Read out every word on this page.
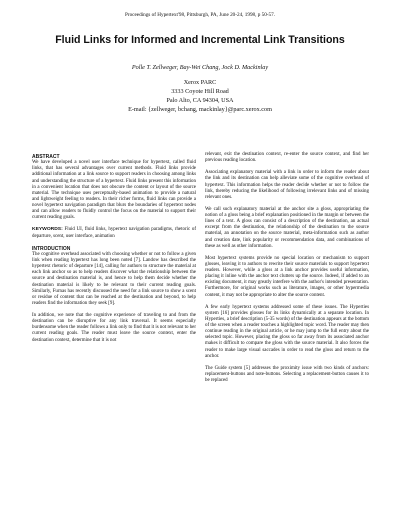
Proceedings of Hypertext'98, Pittsburgh, PA, June 20-24, 1998, p 50-57.
Fluid Links for Informed and Incremental Link Transitions
Polle T. Zellweger, Bay-Wei Chang, Jock D. Mackinlay
Xerox PARC
3333 Coyote Hill Road
Palo Alto, CA 94304, USA
E-mail: {zellweger, bchang, mackinlay}@parc.xerox.com
ABSTRACT

We have developed a novel user interface technique for hypertext, called fluid links, that has several advantages over current methods. Fluid links provide additional information at a link source to support readers in choosing among links and understanding the structure of a hypertext. Fluid links present this information in a convenient location that does not obscure the content or layout of the source material. The technique uses perceptually-based animation to provide a natural and lightweight feeling to readers. In their richer forms, fluid links can provide a novel hypertext navigation paradigm that blurs the boundaries of hypertext nodes and can allow readers to fluidly control the focus on the material to support their current reading goals.

KEYWORDS: Fluid UI, fluid links, hypertext navigation paradigms, rhetoric of departure, scent, user interface, animation

INTRODUCTION

The cognitive overhead associated with choosing whether or not to follow a given link when reading hypertext has long been noted [7]. Landow has described the hypertext rhetoric of departure [14], calling for authors to structure the material at each link anchor so as to help readers discover what the relationship between the source and destination material is, and hence to help them decide whether the destination material is likely to be relevant to their current reading goals. Similarly, Furnas has recently discussed the need for a link source to show a scent or residue of content that can be reached at the destination and beyond, to help readers find the information they seek [9].

In addition, we note that the cognitive experience of traveling to and from the destination can be disruptive for any link traversal. It seems especially burdensome when the reader follows a link only to find that it is not relevant to her current reading goals. The reader must leave the source context, enter the destination context, determine that it is not

relevant, exit the destination context, re-enter the source context, and find her previous reading location.

Associating explanatory material with a link in order to inform the reader about the link and its destination can help alleviate some of the cognitive overhead of hypertext. This information helps the reader decide whether or not to follow the link, thereby reducing the likelihood of following irrelevant links and of missing relevant ones.

We call such explanatory material at the anchor site a gloss, appropriating the notion of a gloss being a brief explanation positioned in the margin or between the lines of a text. A gloss can consist of a description of the destination, an actual excerpt from the destination, the relationship of the destination to the source material, an annotation on the source material, meta-information such as author and creation date, link popularity or recommendation data, and combinations of these as well as other information.

Most hypertext systems provide no special location or mechanism to support glosses, leaving it to authors to rewrite their source materials to support hypertext readers. However, while a gloss at a link anchor provides useful information, placing it inline with the anchor text clutters up the source. Indeed, if added to an existing document, it may greatly interfere with the author's intended presentation. Furthermore, for original works such as literature, images, or other hypermedia content, it may not be appropriate to alter the source content.

A few early hypertext systems addressed some of these issues. The Hyperties system [16] provides glosses for its links dynamically at a separate location. In Hyperties, a brief description (5-35 words) of the destination appears at the bottom of the screen when a reader touches a highlighted topic word. The reader may then continue reading in the original article, or he may jump to the full entry about the selected topic. However, placing the gloss so far away from its associated anchor makes it difficult to compare the gloss with the source material. It also forces the reader to make large visual saccades in order to read the gloss and return to the anchor.

The Guide system [5] addresses the proximity issue with two kinds of anchors: replacement-buttons and note-buttons. Selecting a replacement-button causes it to be replaced
